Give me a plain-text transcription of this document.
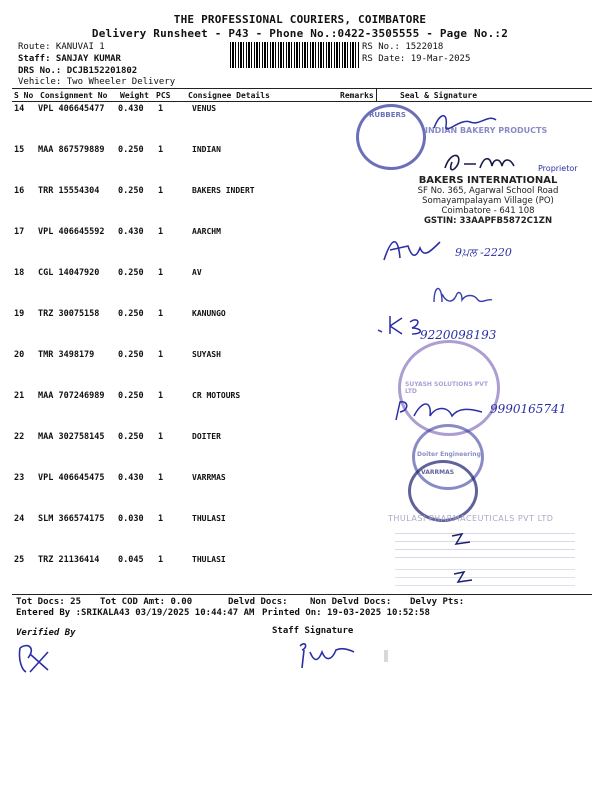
THE PROFESSIONAL COURIERS, COIMBATORE
Delivery Runsheet - P43 - Phone No.:0422-3505555 - Page No.:2
Route: KANUVAI 1
Staff: SANJAY KUMAR
DRS No.: DCJB152201802
Vehicle: Two Wheeler Delivery
RS No.: 1522018
RS Date: 19-Mar-2025
S No Consignment No Weight PCS Consignee Details	Remarks	Seal & Signature
14 VPL 406645477 0.430 1	VENUS
15 MAA 867579889 0.250 1	INDIAN
16 TRR 15554304 0.250 1	BAKERS INDERT
17 VPL 406645592 0.430 1	AARCHM
18 CGL 14047920 0.250 1	AV
19 TRZ 30075158 0.250 1	KANUNGO
20 TMR 3498179	0.250 1	SUYASH
21 MAA 707246989 0.250 1	CR MOTOURS
22 MAA 302758145 0.250 1	DOITER
23 VPL 406645475 0.430 1	VARRMAS
24 SLM 366574175 0.030 1	THULASI
25 TRZ 21136414 0.045 1	THULASI
RUBBERS
INDIAN BAKERY PRODUCTS
Proprietor
BAKERS INTERNATIONAL
SF No. 365, Agarwal School Road
Somayampalayam Village (PO)
Coimbatore - 641 108
GSTIN: 33AAPFB5872C1ZN
9ਪ਼ਲ -2220
9220098193
SUYASH SOLUTIONS PVT LTD
9990165741
Doiter Engineering
VARRMAS
THULASI PHARMACEUTICALS PVT LTD
Tot Docs: 25 Tot COD Amt: 0.00	Delvd Docs: Non Delvd Docs: Delvy Pts:
Entered By :SRIKALA43 03/19/2025 10:44:47 AM Printed On: 19-03-2025 10:52:58
Verified By	Staff Signature
